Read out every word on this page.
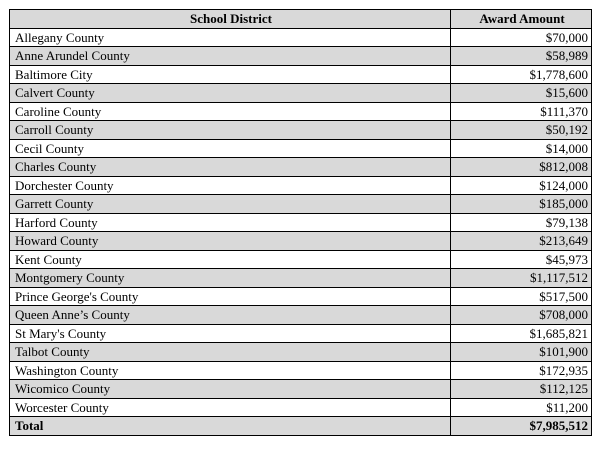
School District	Award Amount
Allegany County	$70,000
Anne Arundel County	$58,989
Baltimore City	$1,778,600
Calvert County	$15,600
Caroline County	$111,370
Carroll County	$50,192
Cecil County	$14,000
Charles County	$812,008
Dorchester County	$124,000
Garrett County	$185,000
Harford County	$79,138
Howard County	$213,649
Kent County	$45,973
Montgomery County	$1,117,512
Prince George's County	$517,500
Queen Anne’s County	$708,000
St Mary's County	$1,685,821
Talbot County	$101,900
Washington County	$172,935
Wicomico County	$112,125
Worcester County	$11,200
Total	$7,985,512
